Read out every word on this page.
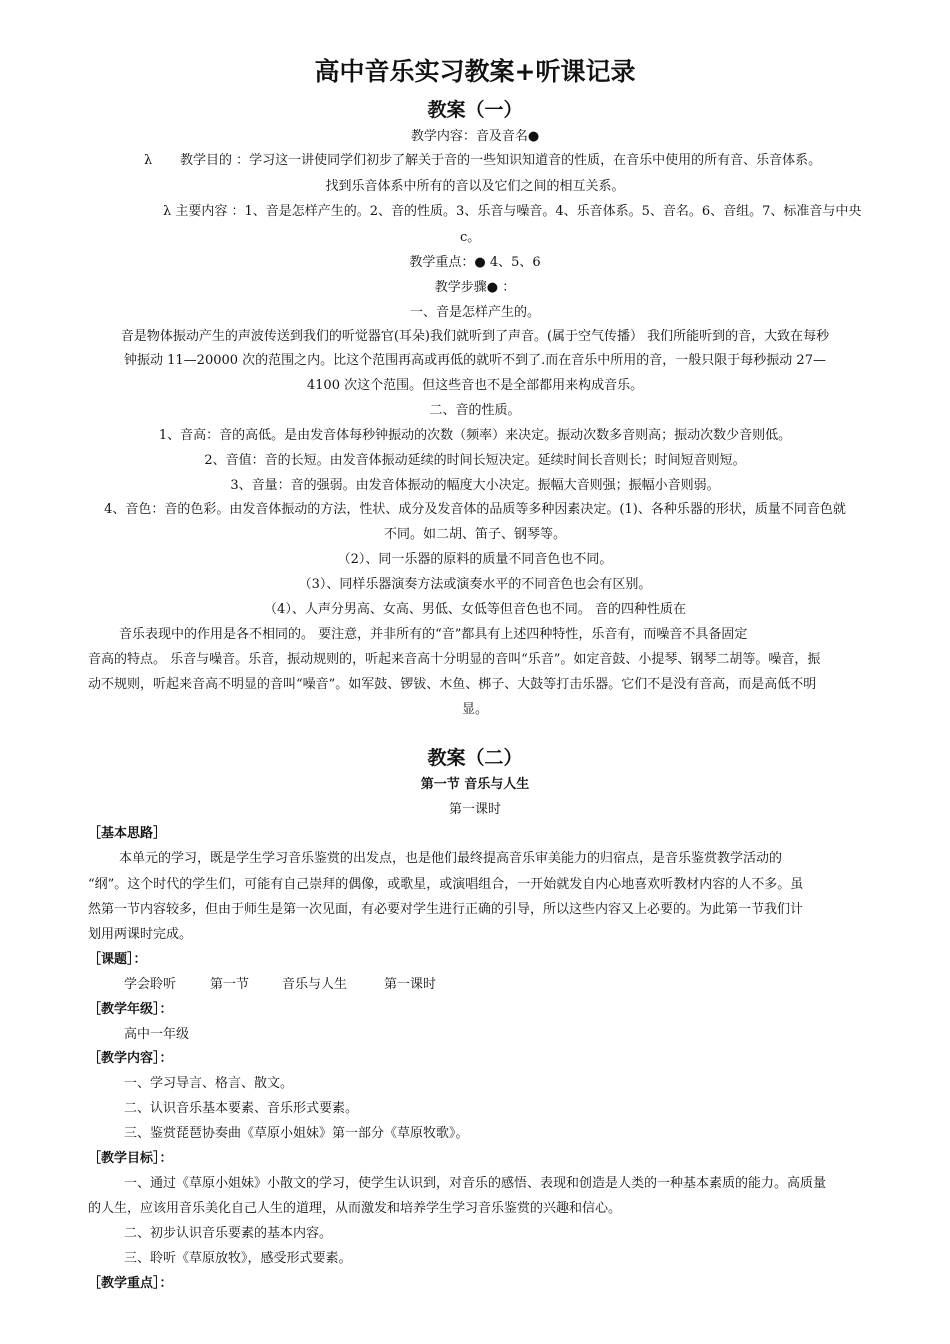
高中音乐实习教案+听课记录
教案（一）
教学内容：音及音名●
λ 教学目的 ：学习这一讲使同学们初步了解关于音的一些知识知道音的性质，在音乐中使用的所有音、乐音体系。
找到乐音体系中所有的音以及它们之间的相互关系。
λ 主要内容 ：1、音是怎样产生的。2、音的性质。3、乐音与噪音。4、乐音体系。5、音名。6、音组。7、标准音与中央
c。
教学重点：● 4、5、6
教学步骤● ：
一、音是怎样产生的。
音是物体振动产生的声波传送到我们的听觉器官(耳朵)我们就听到了声音。(属于空气传播） 我们所能听到的音，大致在每秒
钟振动 11—20000 次的范围之内。比这个范围再高或再低的就听不到了.而在音乐中所用的音，一般只限于每秒振动 27—
4100 次这个范围。但这些音也不是全部都用来构成音乐。
二、音的性质。
1、音高：音的高低。是由发音体每秒钟振动的次数（频率）来决定。振动次数多音则高；振动次数少音则低。
2、音值：音的长短。由发音体振动延续的时间长短决定。延续时间长音则长；时间短音则短。
3、音量：音的强弱。由发音体振动的幅度大小决定。振幅大音则强；振幅小音则弱。
4、音色：音的色彩。由发音体振动的方法，性状、成分及发音体的品质等多种因素决定。(1)、各种乐器的形状，质量不同音色就
不同。如二胡、笛子、钢琴等。
（2）、同一乐器的原料的质量不同音色也不同。
（3）、同样乐器演奏方法或演奏水平的不同音色也会有区别。
（4）、人声分男高、女高、男低、女低等但音色也不同。 音的四种性质在
音乐表现中的作用是各不相同的。 要注意，并非所有的“音”都具有上述四种特性，乐音有，而噪音不具备固定
音高的特点。 乐音与噪音。乐音，振动规则的，听起来音高十分明显的音叫“乐音”。如定音鼓、小提琴、钢琴二胡等。噪音，振
动不规则，听起来音高不明显的音叫“噪音”。如军鼓、锣钹、木鱼、梆子、大鼓等打击乐器。它们不是没有音高，而是高低不明
显。
教案（二）
第一节 音乐与人生
第一课时
［基本思路］
本单元的学习，既是学生学习音乐鉴赏的出发点，也是他们最终提高音乐审美能力的归宿点，是音乐鉴赏教学活动的
“纲”。这个时代的学生们，可能有自己崇拜的偶像，或歌星，或演唱组合，一开始就发自内心地喜欢听教材内容的人不多。虽
然第一节内容较多，但由于师生是第一次见面，有必要对学生进行正确的引导，所以这些内容又上必要的。为此第一节我们计
划用两课时完成。
［课题］：
学会聆听	第一节	音乐与人生	第一课时
［教学年级］：
高中一年级
［教学内容］：
一、学习导言、格言、散文。
二、认识音乐基本要素、音乐形式要素。
三、鉴赏琵琶协奏曲《草原小姐妹》第一部分《草原牧歌》。
［教学目标］：
一、通过《草原小姐妹》小散文的学习，使学生认识到，对音乐的感悟、表现和创造是人类的一种基本素质的能力。高质量
的人生，应该用音乐美化自己人生的道理，从而激发和培养学生学习音乐鉴赏的兴趣和信心。
二、初步认识音乐要素的基本内容。
三、聆听《草原放牧》，感受形式要素。
［教学重点］：
